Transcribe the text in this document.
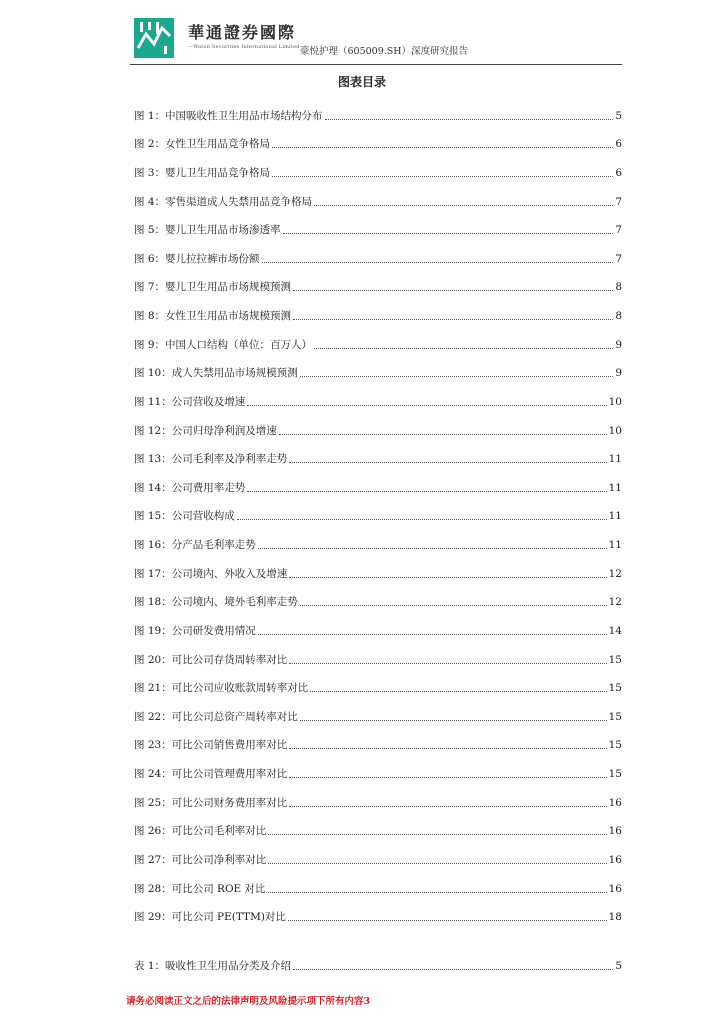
華通證券國際
—Waton Securities International Limited—
豪悦护理（605009.SH）深度研究报告
图表目录
图 1：中国吸收性卫生用品市场结构分布	5
图 2：女性卫生用品竞争格局	6
图 3：婴儿卫生用品竞争格局	6
图 4：零售渠道成人失禁用品竞争格局	7
图 5：婴儿卫生用品市场渗透率	7
图 6：婴儿拉拉裤市场份额	7
图 7：婴儿卫生用品市场规模预测	8
图 8：女性卫生用品市场规模预测	8
图 9：中国人口结构（单位：百万人）	9
图 10：成人失禁用品市场规模预测	9
图 11：公司营收及增速	10
图 12：公司归母净利润及增速	10
图 13：公司毛利率及净利率走势	11
图 14：公司费用率走势	11
图 15：公司营收构成	11
图 16：分产品毛利率走势	11
图 17：公司境内、外收入及增速	12
图 18：公司境内、境外毛利率走势	12
图 19：公司研发费用情况	14
图 20：可比公司存货周转率对比	15
图 21：可比公司应收账款周转率对比	15
图 22：可比公司总资产周转率对比	15
图 23：可比公司销售费用率对比	15
图 24：可比公司管理费用率对比	15
图 25：可比公司财务费用率对比	16
图 26：可比公司毛利率对比	16
图 27：可比公司净利率对比	16
图 28：可比公司 ROE 对比	16
图 29：可比公司 PE(TTM)对比	18
表 1：吸收性卫生用品分类及介绍	5
请务必阅读正文之后的法律声明及风险提示项下所有内容3
